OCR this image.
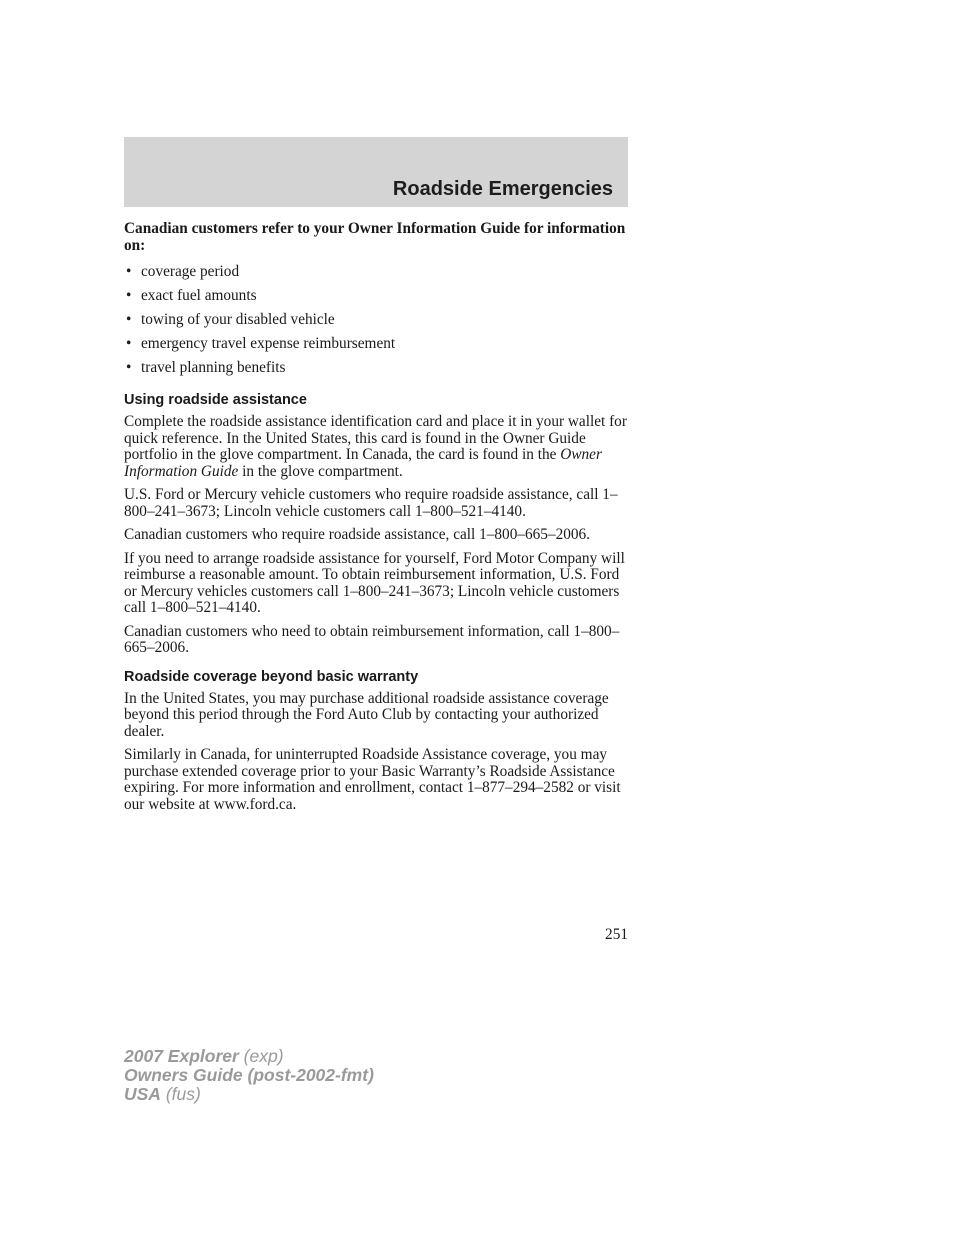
Roadside Emergencies

Canadian customers refer to your Owner Information Guide for information on:

• coverage period
• exact fuel amounts
• towing of your disabled vehicle
• emergency travel expense reimbursement
• travel planning benefits
Using roadside assistance

Complete the roadside assistance identification card and place it in your wallet for quick reference. In the United States, this card is found in the Owner Guide portfolio in the glove compartment. In Canada, the card is found in the Owner Information Guide in the glove compartment.

U.S. Ford or Mercury vehicle customers who require roadside assistance, call 1–800–241–3673; Lincoln vehicle customers call 1–800–521–4140.

Canadian customers who require roadside assistance, call 1–800–665–2006.

If you need to arrange roadside assistance for yourself, Ford Motor Company will reimburse a reasonable amount. To obtain reimbursement information, U.S. Ford or Mercury vehicles customers call 1–800–241–3673; Lincoln vehicle customers call 1–800–521–4140.

Canadian customers who need to obtain reimbursement information, call 1–800–665–2006.

Roadside coverage beyond basic warranty

In the United States, you may purchase additional roadside assistance coverage beyond this period through the Ford Auto Club by contacting your authorized dealer.

Similarly in Canada, for uninterrupted Roadside Assistance coverage, you may purchase extended coverage prior to your Basic Warranty’s Roadside Assistance expiring. For more information and enrollment, contact 1–877–294–2582 or visit our website at www.ford.ca.

251
2007 Explorer (exp)
Owners Guide (post-2002-fmt)
USA (fus)
